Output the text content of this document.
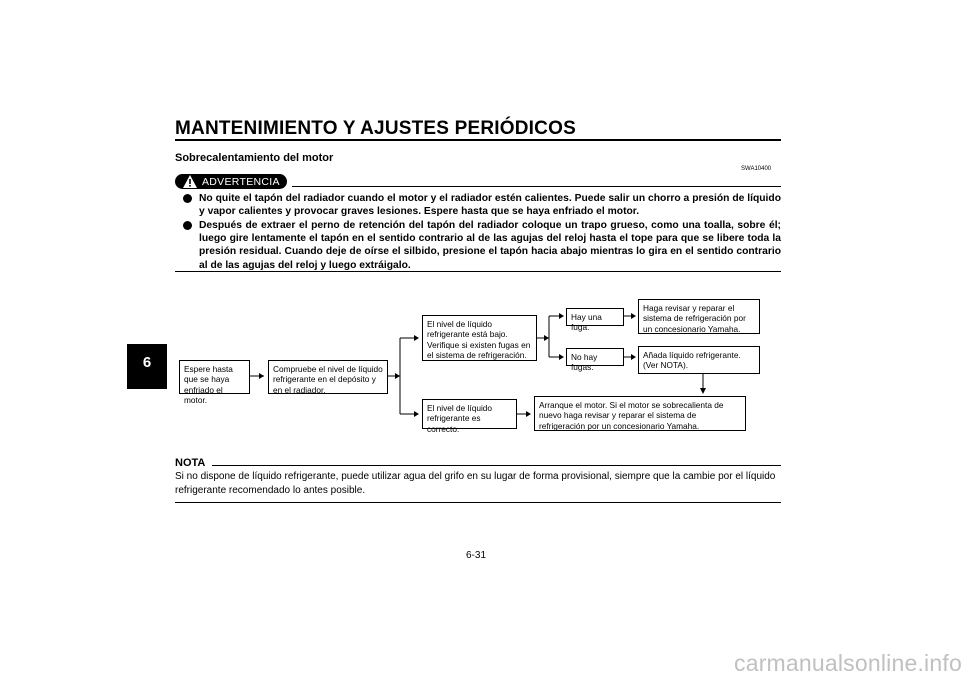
MANTENIMIENTO Y AJUSTES PERIÓDICOS
6
Sobrecalentamiento del motor
SWA10400
ADVERTENCIA
No quite el tapón del radiador cuando el motor y el radiador estén calientes. Puede salir un chorro a presión de líquido y vapor calientes y provocar graves lesiones. Espere hasta que se haya enfriado el motor.
Después de extraer el perno de retención del tapón del radiador coloque un trapo grueso, como una toalla, sobre él; luego gire lentamente el tapón en el sentido contrario al de las agujas del reloj hasta el tope para que se libere toda la presión residual. Cuando deje de oírse el silbido, presione el tapón hacia abajo mientras lo gira en el sentido contrario al de las agujas del reloj y luego extráigalo.
Espere hasta que se haya enfriado el motor.
Compruebe el nivel de líquido refrigerante en el depósito y en el radiador.
El nivel de líquido refrigerante está bajo. Verifique si existen fugas en el sistema de refrigeración.
El nivel de líquido refrigerante es correcto.
Hay una fuga.
No hay fugas.
Haga revisar y reparar el sistema de refrigeración por un concesionario Yamaha.
Añada líquido refrigerante. (Ver NOTA).
Arranque el motor. Si el motor se sobrecalienta de nuevo haga revisar y reparar el sistema de refrigeración por un concesionario Yamaha.
NOTA
Si no dispone de líquido refrigerante, puede utilizar agua del grifo en su lugar de forma provisional, siempre que la cambie por el líquido refrigerante recomendado lo antes posible.
6-31
carmanualsonline.info
